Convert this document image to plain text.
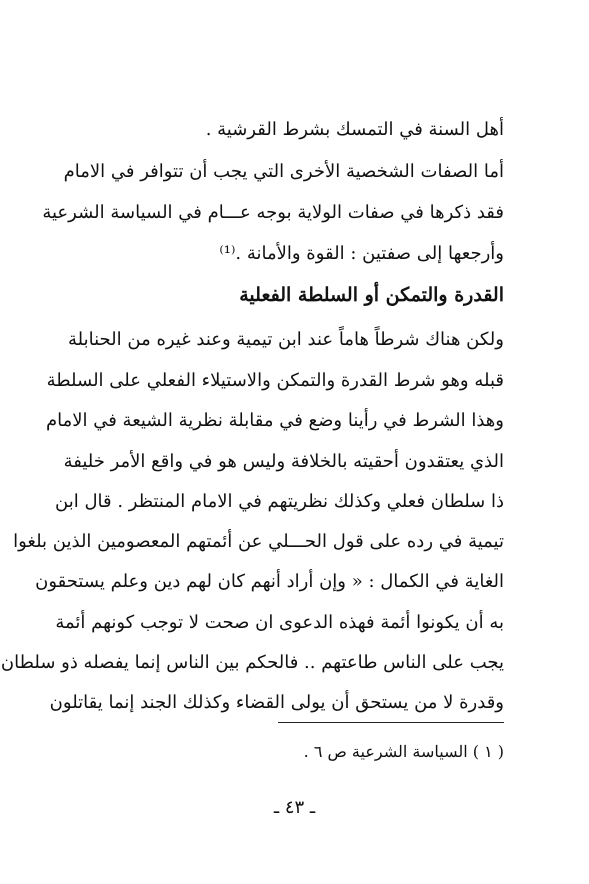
أهل السنة في التمسك بشرط القرشية .
أما الصفات الشخصية الأخرى التي يجب أن تتوافر في الامام
فقد ذكرها في صفات الولاية بوجه عـــام في السياسة الشرعية
وأرجعها إلى صفتين : القوة والأمانة .⁽¹⁾
القدرة والتمكن أو السلطة الفعلية
ولكن هناك شرطاً هاماً عند ابن تيمية وعند غيره من الحنابلة
قبله وهو شرط القدرة والتمكن والاستيلاء الفعلي على السلطة
وهذا الشرط في رأينا وضع في مقابلة نظرية الشيعة في الامام
الذي يعتقدون أحقيته بالخلافة وليس هو في واقع الأمر خليفة
ذا سلطان فعلي وكذلك نظريتهم في الامام المنتظر . قال ابن
تيمية في رده على قول الحـــلي عن أئمتهم المعصومين الذين بلغوا
الغاية في الكمال : « وإن أراد أنهم كان لهم دين وعلم يستحقون
به أن يكونوا أئمة فهذه الدعوى ان صحت لا توجب كونهم أئمة
يجب على الناس طاعتهم .. فالحكم بين الناس إنما يفصله ذو سلطان
وقدرة لا من يستحق أن يولى القضاء وكذلك الجند إنما يقاتلون
( ١ ) السياسة الشرعية ص ٦ .
ـ ٤٣ ـ
